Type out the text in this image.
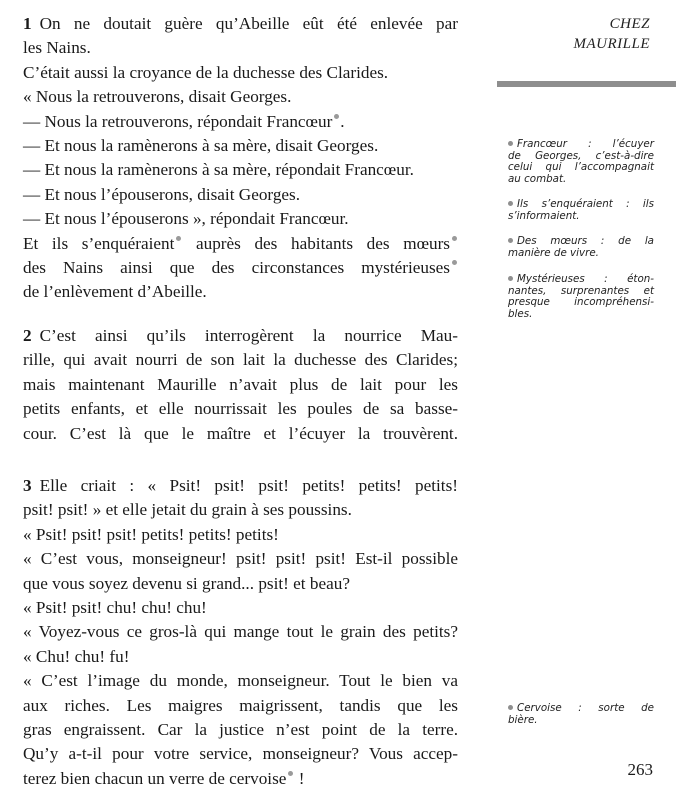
CHEZ
MAURILLE
1 On ne doutait guère qu’Abeille eût été enlevée par
les Nains.
C’était aussi la croyance de la duchesse des Clarides.
« Nous la retrouverons, disait Georges.
— Nous la retrouverons, répondait Francœur .
— Et nous la ramènerons à sa mère, disait Georges.
— Et nous la ramènerons à sa mère, répondait Francœur.
— Et nous l’épouserons, disait Georges.
— Et nous l’épouserons », répondait Francœur.
Et ils s’enquéraient auprès des habitants des mœurs
des Nains ainsi que des circonstances mystérieuses
de l’enlèvement d’Abeille.
2 C’est ainsi qu’ils interrogèrent la nourrice Mau-
rille, qui avait nourri de son lait la duchesse des Clarides;
mais maintenant Maurille n’avait plus de lait pour les
petits enfants, et elle nourrissait les poules de sa basse-
cour. C’est là que le maître et l’écuyer la trouvèrent.
3 Elle criait : « Psit! psit! psit! petits! petits! petits!
psit! psit! » et elle jetait du grain à ses poussins.
« Psit! psit! psit! petits! petits! petits!
« C’est vous, monseigneur! psit! psit! psit! Est-il possible
que vous soyez devenu si grand... psit! et beau?
« Psit! psit! chu! chu! chu!
« Voyez-vous ce gros-là qui mange tout le grain des petits?
« Chu! chu! fu!
« C’est l’image du monde, monseigneur. Tout le bien va
aux riches. Les maigres maigrissent, tandis que les
gras engraissent. Car la justice n’est point de la terre.
Qu’y a-t-il pour votre service, monseigneur? Vous accep-
terez bien chacun un verre de cervoise !
Francœur : l’écuyer
de Georges, c’est-à-dire
celui qui l’accompagnait
au combat.
Ils s’enquéraient : ils
s’informaient.
Des mœurs : de la
manière de vivre.
Mystérieuses : éton-
nantes, surprenantes et
presque incompréhensi-
bles.
Cervoise : sorte de
bière.
263
